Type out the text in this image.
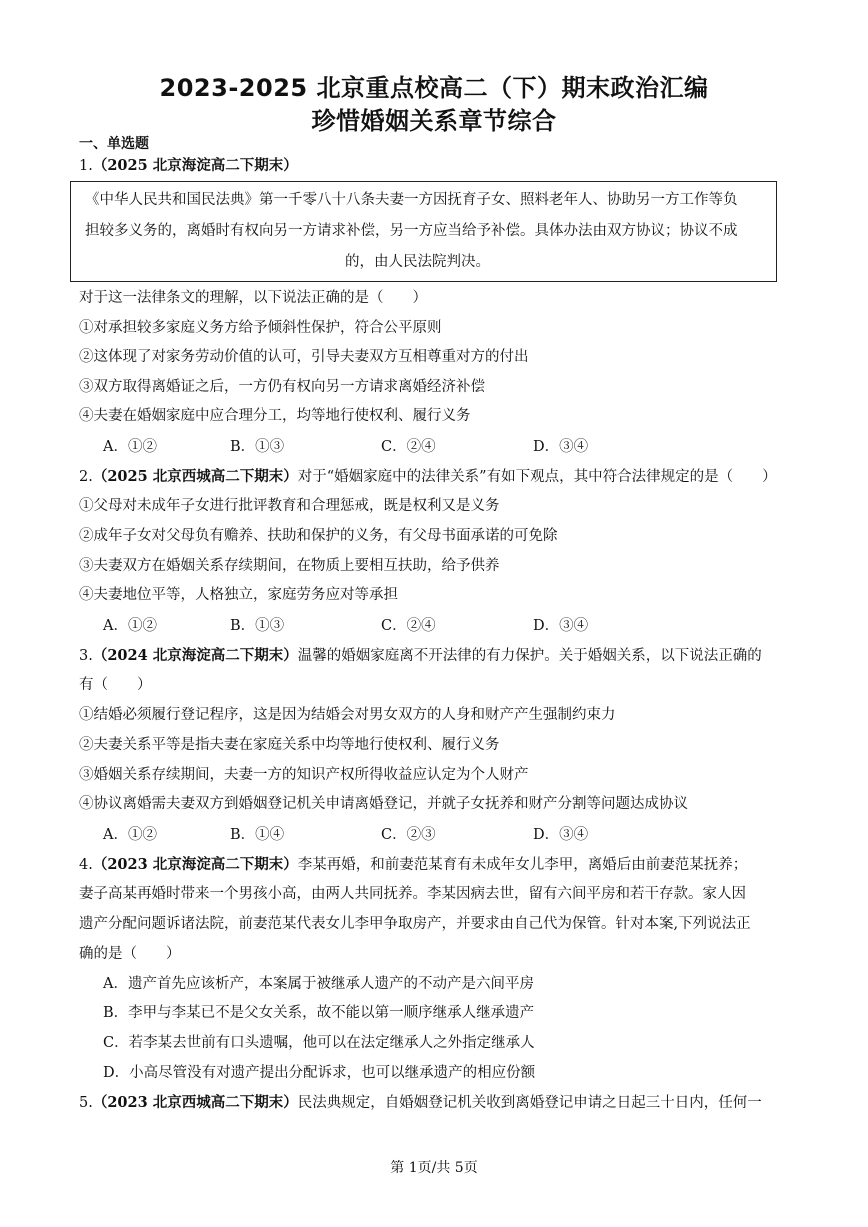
2023-2025 北京重点校高二（下）期末政治汇编
珍惜婚姻关系章节综合
一、单选题
1.（2025 北京海淀高二下期末）
《中华人民共和国民法典》第一千零八十八条夫妻一方因抚育子女、照料老年人、协助另一方工作等负
担较多义务的，离婚时有权向另一方请求补偿，另一方应当给予补偿。具体办法由双方协议；协议不成
的，由人民法院判决。
对于这一法律条文的理解，以下说法正确的是（　　）
①对承担较多家庭义务方给予倾斜性保护，符合公平原则
②这体现了对家务劳动价值的认可，引导夫妻双方互相尊重对方的付出
③双方取得离婚证之后，一方仍有权向另一方请求离婚经济补偿
④夫妻在婚姻家庭中应合理分工，均等地行使权利、履行义务
A．①②	B．①③	C．②④	D．③④
2.（2025 北京西城高二下期末）对于“婚姻家庭中的法律关系”有如下观点，其中符合法律规定的是（　　）
①父母对未成年子女进行批评教育和合理惩戒，既是权利又是义务
②成年子女对父母负有赡养、扶助和保护的义务，有父母书面承诺的可免除
③夫妻双方在婚姻关系存续期间，在物质上要相互扶助，给予供养
④夫妻地位平等，人格独立，家庭劳务应对等承担
A．①②	B．①③	C．②④	D．③④
3.（2024 北京海淀高二下期末）温馨的婚姻家庭离不开法律的有力保护。关于婚姻关系，以下说法正确的
有（　　）
①结婚必须履行登记程序，这是因为结婚会对男女双方的人身和财产产生强制约束力
②夫妻关系平等是指夫妻在家庭关系中均等地行使权利、履行义务
③婚姻关系存续期间，夫妻一方的知识产权所得收益应认定为个人财产
④协议离婚需夫妻双方到婚姻登记机关申请离婚登记，并就子女抚养和财产分割等问题达成协议
A．①②	B．①④	C．②③	D．③④
4.（2023 北京海淀高二下期末）李某再婚，和前妻范某育有未成年女儿李甲，离婚后由前妻范某抚养；
妻子高某再婚时带来一个男孩小高，由两人共同抚养。李某因病去世，留有六间平房和若干存款。家人因
遗产分配问题诉诸法院，前妻范某代表女儿李甲争取房产，并要求由自己代为保管。针对本案,下列说法正
确的是（　　）
A．遗产首先应该析产，本案属于被继承人遗产的不动产是六间平房
B．李甲与李某已不是父女关系，故不能以第一顺序继承人继承遗产
C．若李某去世前有口头遗嘱，他可以在法定继承人之外指定继承人
D．小高尽管没有对遗产提出分配诉求，也可以继承遗产的相应份额
5.（2023 北京西城高二下期末）民法典规定，自婚姻登记机关收到离婚登记申请之日起三十日内，任何一
第 1页/共 5页
